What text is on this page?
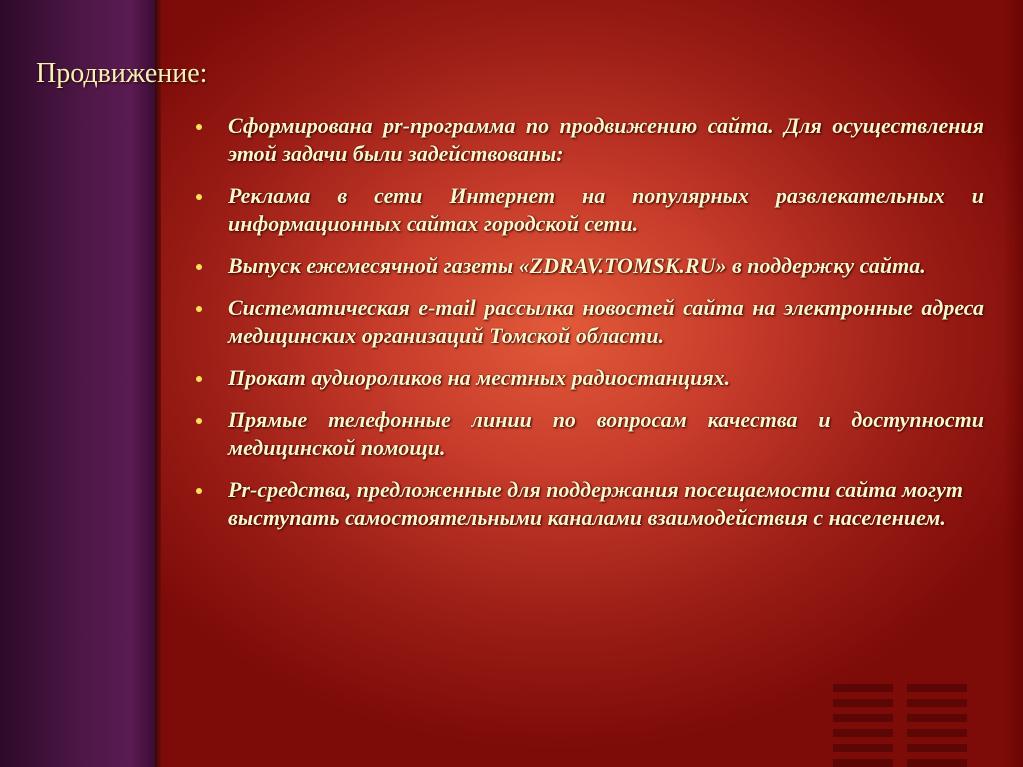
Продвижение:
Сформирована pr-программа по продвижению сайта. Для осуществления этой задачи были задействованы:
Реклама в сети Интернет на популярных развлекательных и информационных сайтах городской сети.
Выпуск ежемесячной газеты «ZDRAV.TOMSK.RU» в поддержку сайта.
Систематическая e-mail рассылка новостей сайта на электронные адреса медицинских организаций Томской области.
Прокат аудиороликов на местных радиостанциях.
Прямые телефонные линии по вопросам качества и доступности медицинской помощи.
Pr-средства, предложенные для поддержания посещаемости сайта могут выступать самостоятельными каналами взаимодействия с населением.
